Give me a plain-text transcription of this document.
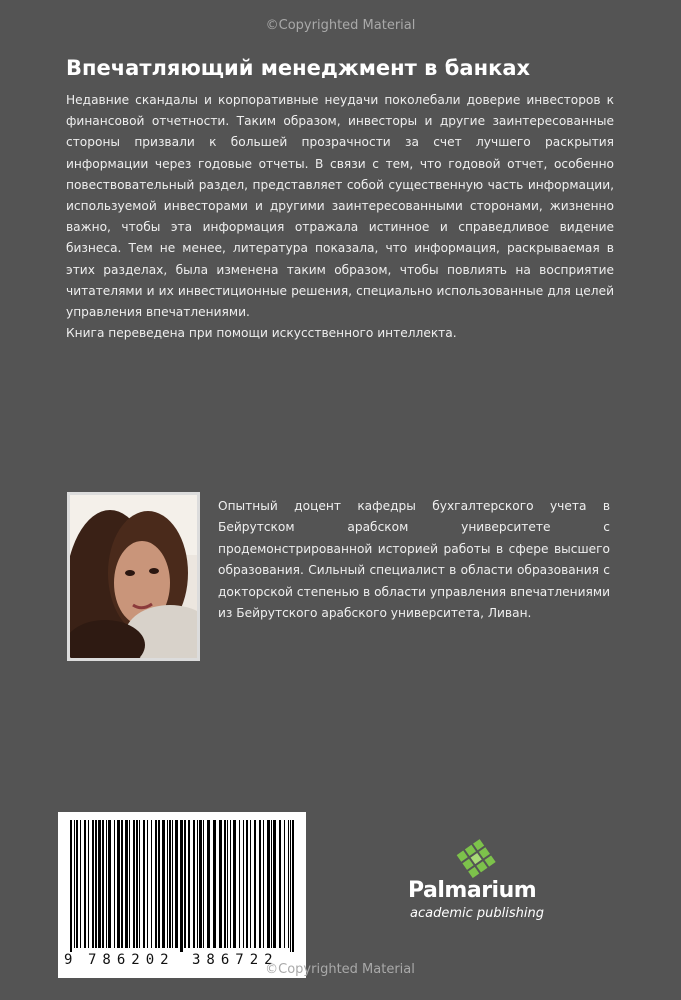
©Copyrighted Material
Впечатляющий менеджмент в банках

Недавние скандалы и корпоративные неудачи поколебали доверие инвесторов к финансовой отчетности. Таким образом, инвесторы и другие заинтересованные стороны призвали к большей прозрачности за счет лучшего раскрытия информации через годовые отчеты. В связи с тем, что годовой отчет, особенно повествовательный раздел, представляет собой существенную часть информации, используемой инвесторами и другими заинтересованными сторонами, жизненно важно, чтобы эта информация отражала истинное и справедливое видение бизнеса. Тем не менее, литература показала, что информация, раскрываемая в этих разделах, была изменена таким образом, чтобы повлиять на восприятие читателями и их инвестиционные решения, специально использованные для целей управления впечатлениями.

Книга переведена при помощи искусственного интеллекта.

Опытный доцент кафедры бухгалтерского учета в Бейрутском арабском университете с продемонстрированной историей работы в сфере высшего образования. Сильный специалист в области образования с докторской степенью в области управления впечатлениями из Бейрутского арабского университета, Ливан.

9 786202 386722

Palmarium

academic publishing

©Copyrighted Material
